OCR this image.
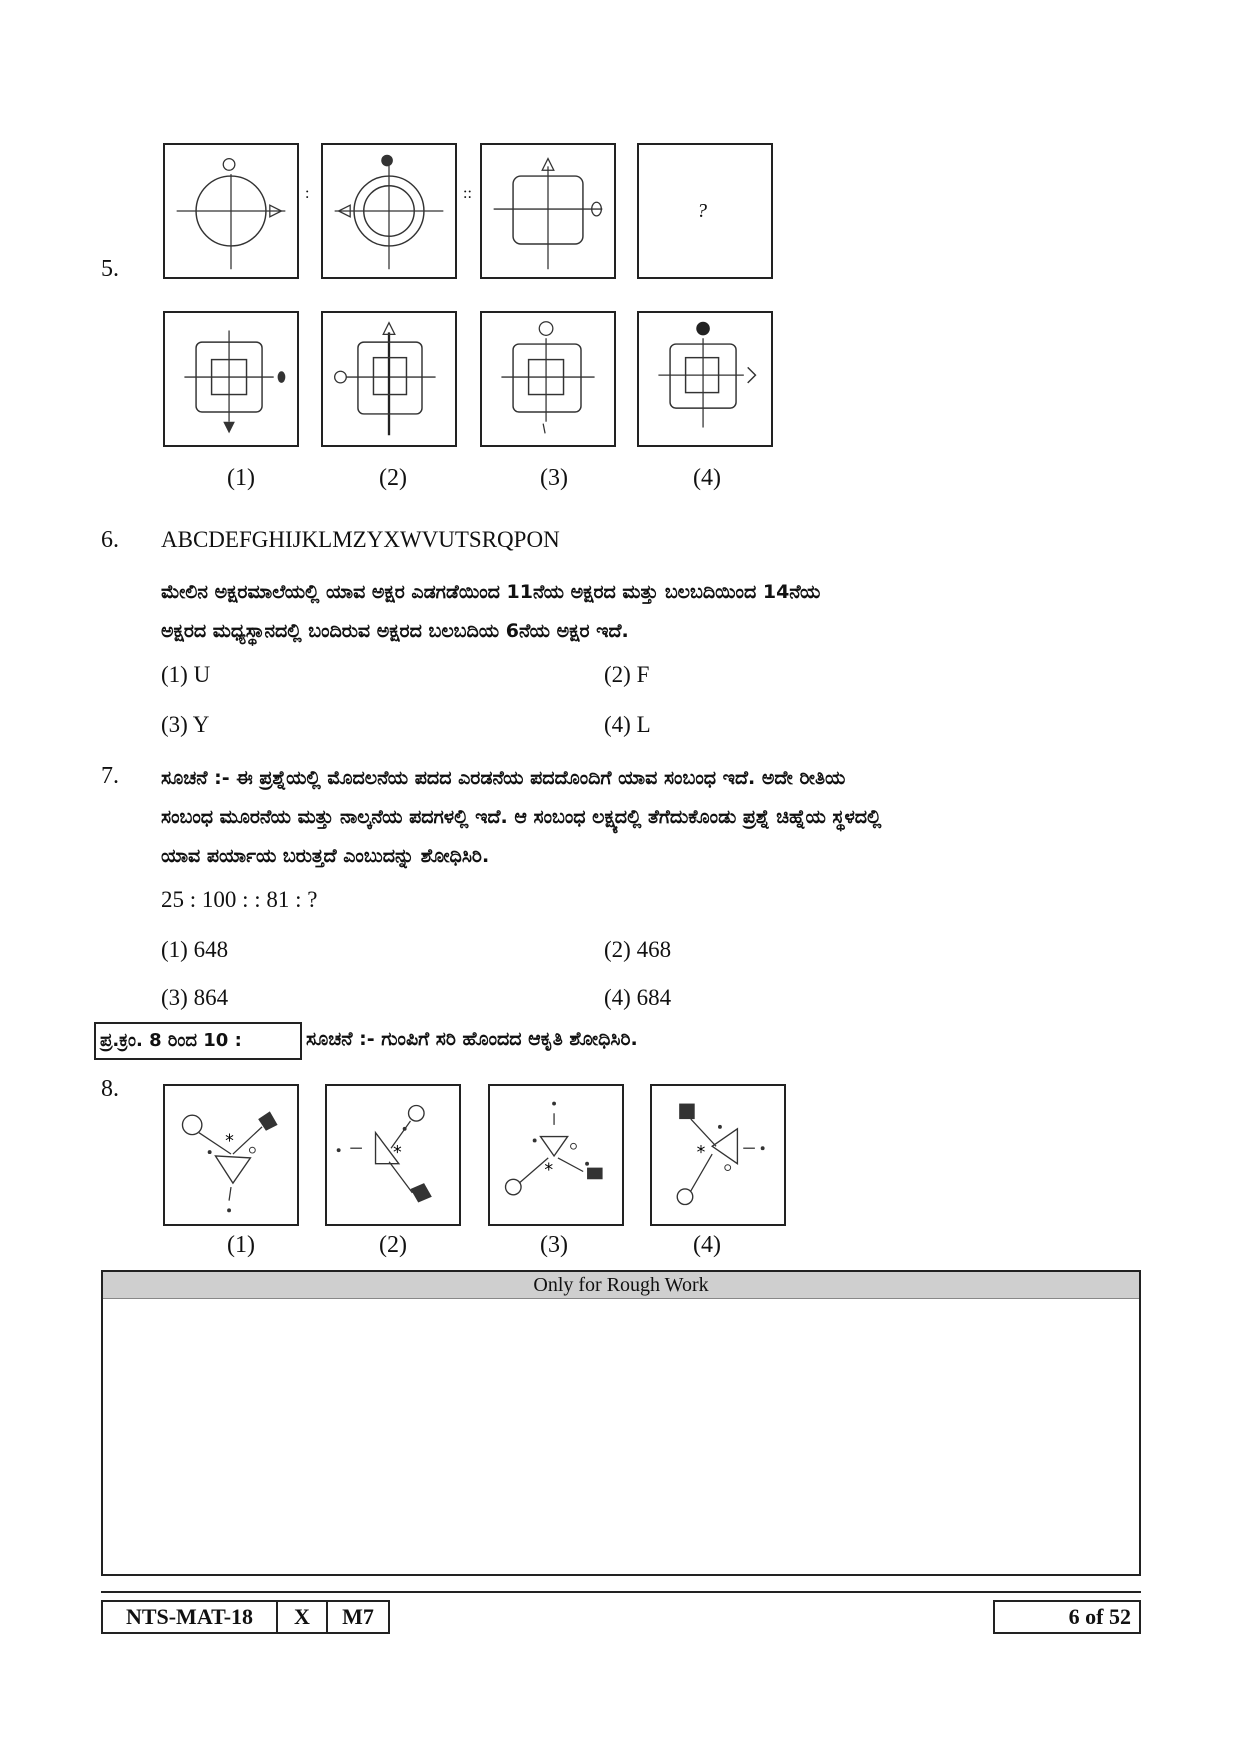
5.
:	::
?
(1)	(2)	(3)	(4)
6. ABCDEFGHIJKLMZYXWVUTSRQPON
ಮೇಲಿನ ಅಕ್ಷರಮಾಲೆಯಲ್ಲಿ ಯಾವ ಅಕ್ಷರ ಎಡಗಡೆಯಿಂದ 11ನೆಯ ಅಕ್ಷರದ ಮತ್ತು ಬಲಬದಿಯಿಂದ 14ನೆಯ
ಅಕ್ಷರದ ಮಧ್ಯಸ್ಥಾನದಲ್ಲಿ ಬಂದಿರುವ ಅಕ್ಷರದ ಬಲಬದಿಯ 6ನೆಯ ಅಕ್ಷರ ಇದೆ.
(1) U	(2) F
(3) Y	(4) L
7. ಸೂಚನೆ :- ಈ ಪ್ರಶ್ನೆಯಲ್ಲಿ ಮೊದಲನೆಯ ಪದದ ಎರಡನೆಯ ಪದದೊಂದಿಗೆ ಯಾವ ಸಂಬಂಧ ಇದೆ. ಅದೇ ರೀತಿಯ
ಸಂಬಂಧ ಮೂರನೆಯ ಮತ್ತು ನಾಲ್ಕನೆಯ ಪದಗಳಲ್ಲಿ ಇದೆ. ಆ ಸಂಬಂಧ ಲಕ್ಷ್ಯದಲ್ಲಿ ತೆಗೆದುಕೊಂಡು ಪ್ರಶ್ನೆ ಚಿಹ್ನೆಯ ಸ್ಥಳದಲ್ಲಿ
ಯಾವ ಪರ್ಯಾಯ ಬರುತ್ತದೆ ಎಂಬುದನ್ನು ಶೋಧಿಸಿರಿ.
25 : 100 : : 81 : ?
(1) 648	(2) 468
(3) 864	(4) 684
ಪ್ರ.ಕ್ರಂ. 8 ರಿಂದ 10 :	ಸೂಚನೆ :- ಗುಂಪಿಗೆ ಸರಿ ಹೊಂದದ ಆಕೃತಿ ಶೋಧಿಸಿರಿ.
8.
*
*
*
*
(1)	(2)	(3)	(4)
Only for Rough Work
NTS-MAT-18	X	M7	6 of 52
